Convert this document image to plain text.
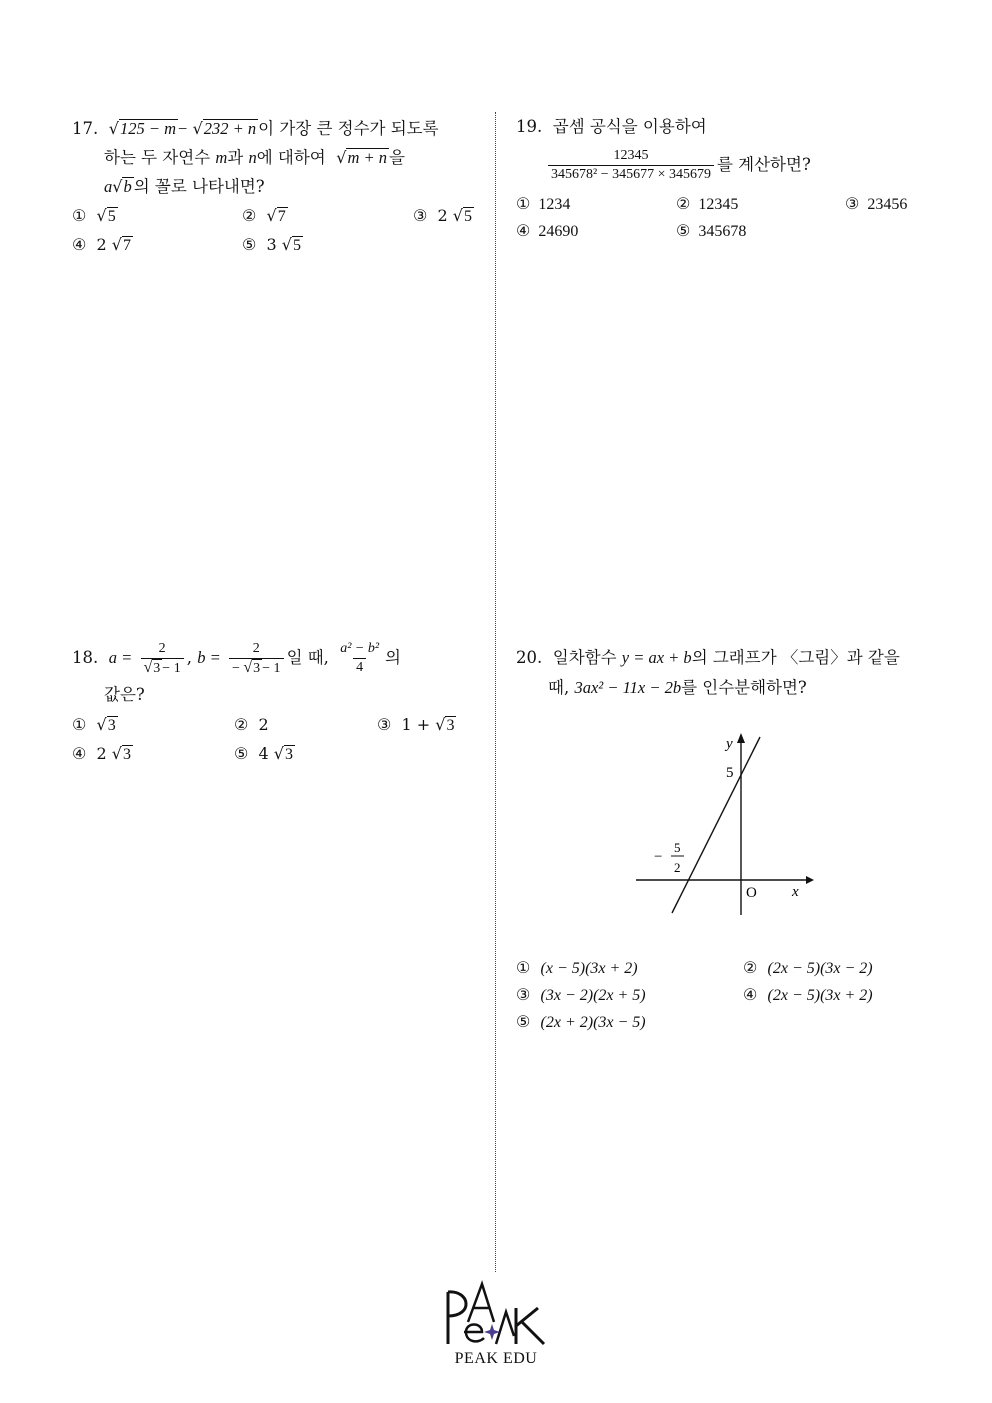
17. √125 − m − √232 + n 이 가장 큰 정수가 되도록
하는 두 자연수 m과 n에 대하여 √m + n 을
a√b 의 꼴로 나타내면?
① √5	② √7	③ 2 √5
④ 2 √7	⑤ 3 √5
18. $a = \frac{2}{√3 - 1}$ , $b = \frac{2}{- √3 - 1}$ 일 때, $\frac{\text{a² − b²}}{4}$ 의
값은?
① √3	② 2	③ 1 + √3
④ 2 √3	⑤ 4 √3
19. 곱셈 공식을 이용하여
$\frac{12345}{\text{345678² − 345677 × 345679}}$ 를 계산하면?
① 1234	② 12345	③ 23456
④ 24690	⑤ 345678
20. 일차함수 y = ax + b의 그래프가 〈그림〉과 같을
때, 3ax² − 11x − 2b를 인수분해하면?
y
x
O
5
−
5
2
① (x − 5)(3x + 2)	② (2x − 5)(3x − 2)
③ (3x − 2)(2x + 5)	④ (2x − 5)(3x + 2)
⑤ (2x + 2)(3x − 5)
PEAK EDU
